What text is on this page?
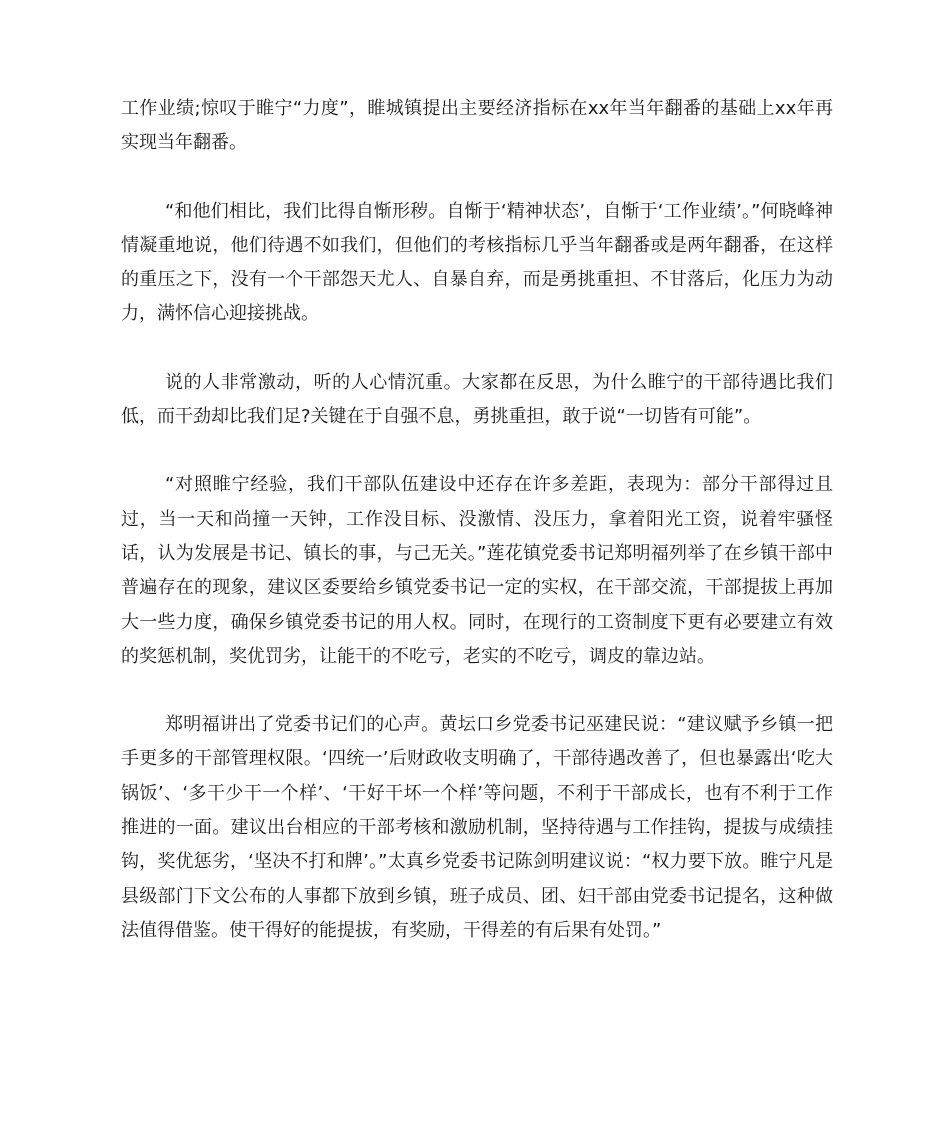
工作业绩;惊叹于睢宁“力度”，睢城镇提出主要经济指标在xx年当年翻番的基础上xx年再实现当年翻番。

“和他们相比，我们比得自惭形秽。自惭于‘精神状态’，自惭于‘工作业绩’。”何晓峰神情凝重地说，他们待遇不如我们，但他们的考核指标几乎当年翻番或是两年翻番，在这样的重压之下，没有一个干部怨天尤人、自暴自弃，而是勇挑重担、不甘落后，化压力为动力，满怀信心迎接挑战。

说的人非常激动，听的人心情沉重。大家都在反思，为什么睢宁的干部待遇比我们低，而干劲却比我们足?关键在于自强不息，勇挑重担，敢于说“一切皆有可能”。

“对照睢宁经验，我们干部队伍建设中还存在许多差距，表现为：部分干部得过且过，当一天和尚撞一天钟，工作没目标、没激情、没压力，拿着阳光工资，说着牢骚怪话，认为发展是书记、镇长的事，与己无关。”莲花镇党委书记郑明福列举了在乡镇干部中普遍存在的现象，建议区委要给乡镇党委书记一定的实权，在干部交流，干部提拔上再加大一些力度，确保乡镇党委书记的用人权。同时，在现行的工资制度下更有必要建立有效的奖惩机制，奖优罚劣，让能干的不吃亏，老实的不吃亏，调皮的靠边站。

郑明福讲出了党委书记们的心声。黄坛口乡党委书记巫建民说：“建议赋予乡镇一把手更多的干部管理权限。‘四统一’后财政收支明确了，干部待遇改善了，但也暴露出‘吃大锅饭’、‘多干少干一个样’、‘干好干坏一个样’等问题，不利于干部成长，也有不利于工作推进的一面。建议出台相应的干部考核和激励机制，坚持待遇与工作挂钩，提拔与成绩挂钩，奖优惩劣，‘坚决不打和牌’。”太真乡党委书记陈剑明建议说：“权力要下放。睢宁凡是县级部门下文公布的人事都下放到乡镇，班子成员、团、妇干部由党委书记提名，这种做法值得借鉴。使干得好的能提拔，有奖励，干得差的有后果有处罚。”
